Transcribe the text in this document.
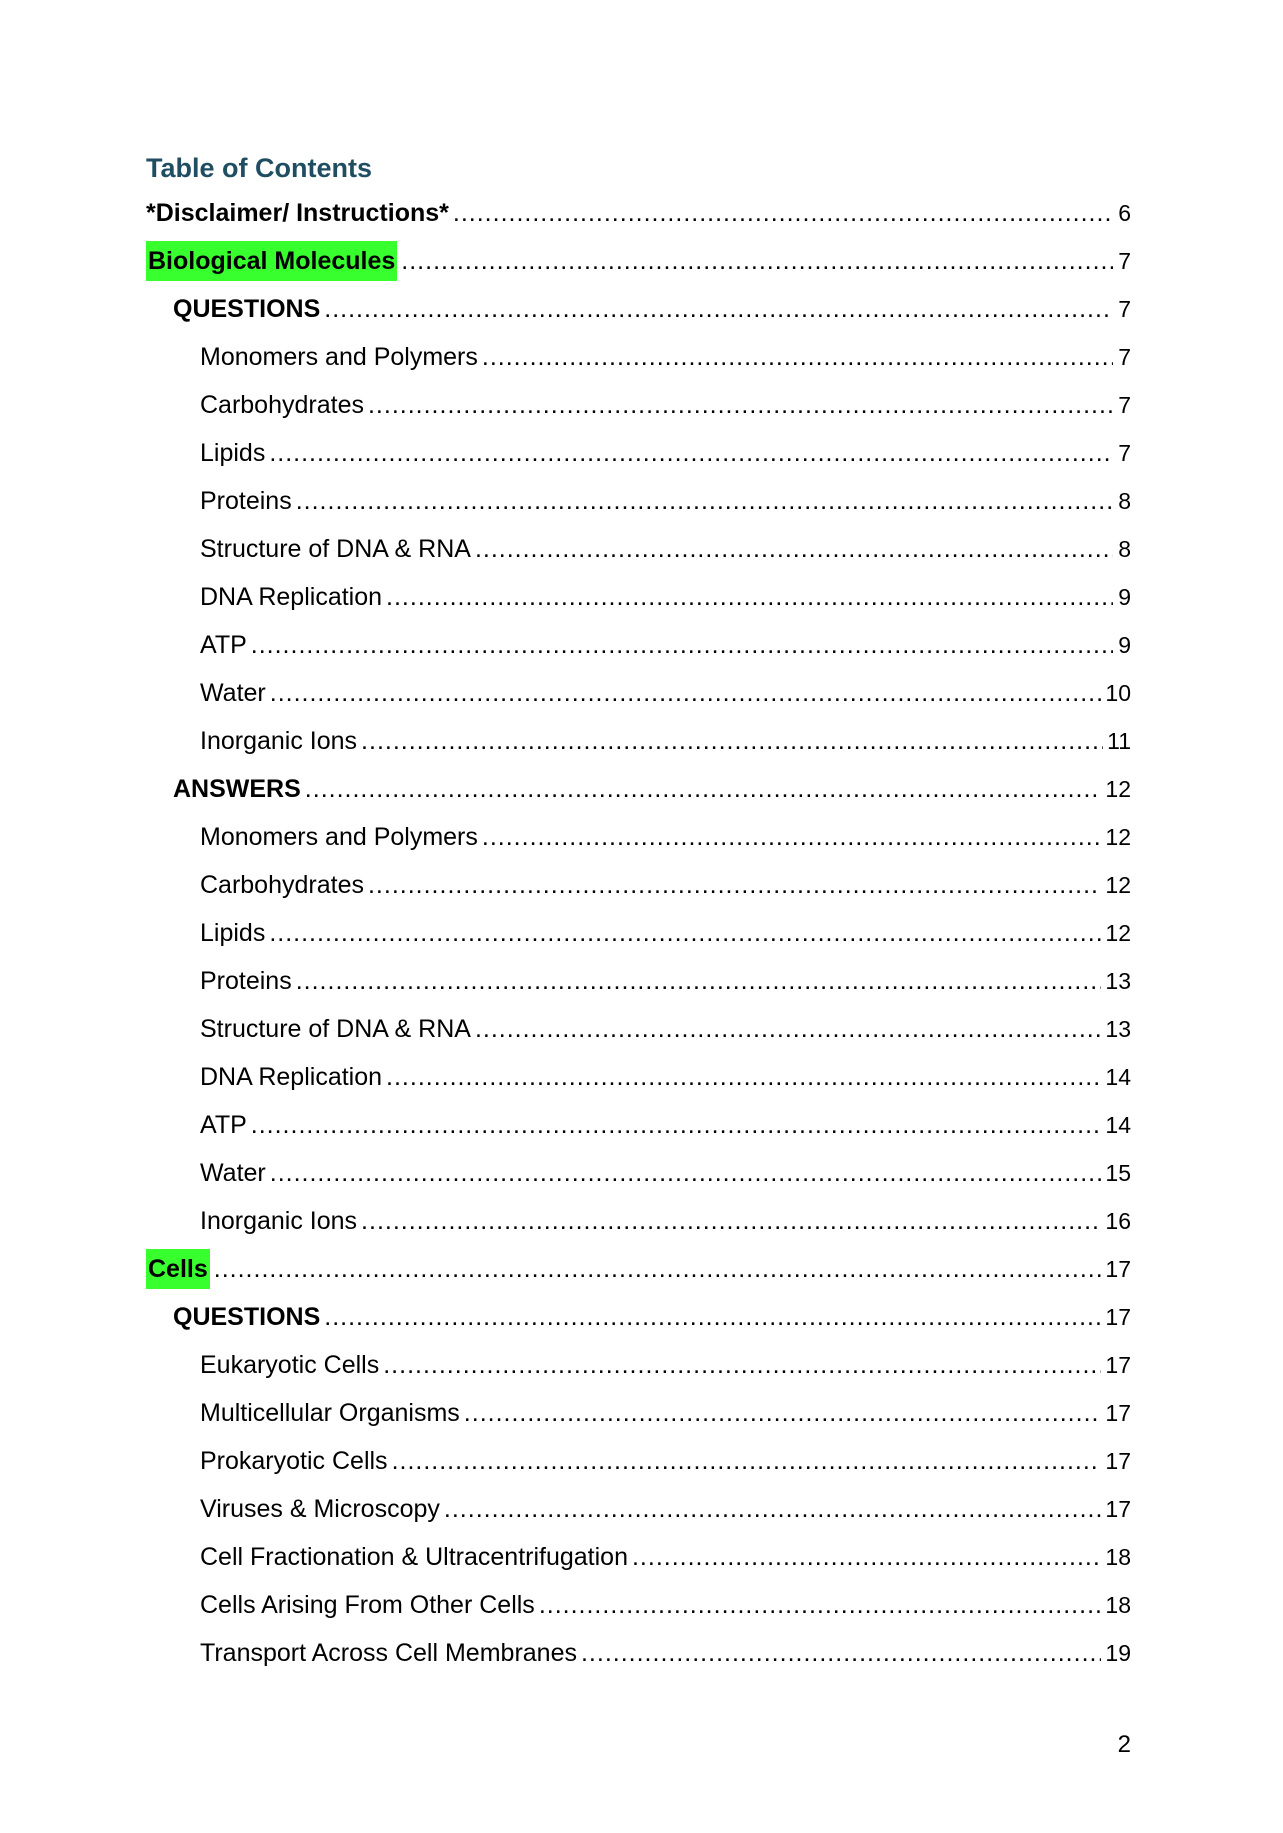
Table of Contents
*Disclaimer/ Instructions* .....	6
Biological Molecules .....	7
QUESTIONS .....	7
Monomers and Polymers .....	7
Carbohydrates .....	7
Lipids .....	7
Proteins .....	8
Structure of DNA & RNA .....	8
DNA Replication .....	9
ATP .....	9
Water .....	10
Inorganic Ions .....	11
ANSWERS .....	12
Monomers and Polymers .....	12
Carbohydrates .....	12
Lipids .....	12
Proteins .....	13
Structure of DNA & RNA .....	13
DNA Replication .....	14
ATP .....	14
Water .....	15
Inorganic Ions .....	16
Cells .....	17
QUESTIONS .....	17
Eukaryotic Cells .....	17
Multicellular Organisms .....	17
Prokaryotic Cells .....	17
Viruses & Microscopy .....	17
Cell Fractionation & Ultracentrifugation .....	18
Cells Arising From Other Cells .....	18
Transport Across Cell Membranes .....	19
2
